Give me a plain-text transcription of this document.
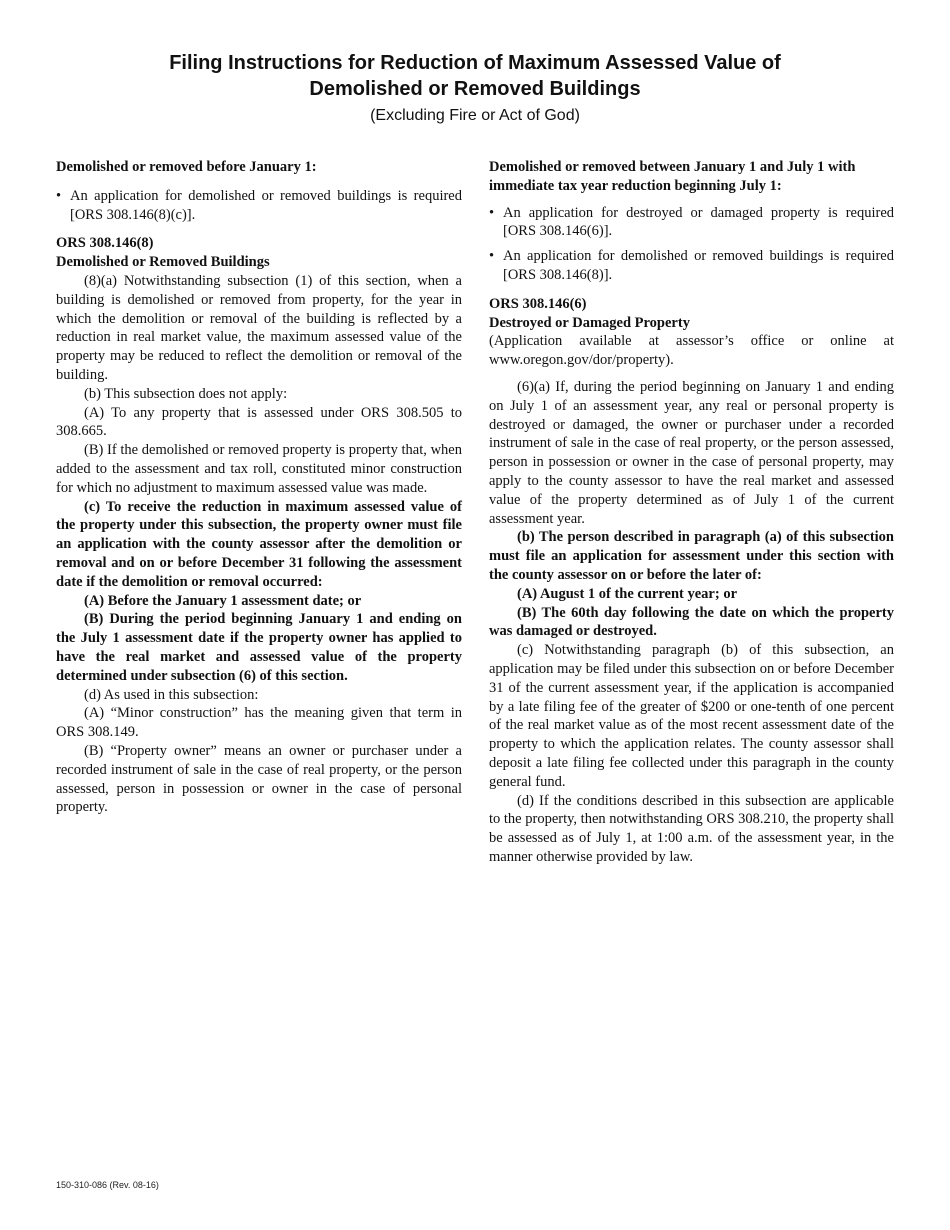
Filing Instructions for Reduction of Maximum Assessed Value of
Demolished or Removed Buildings

(Excluding Fire or Act of God)

Demolished or removed before January 1:

• An application for demolished or removed buildings is required [ORS 308.146(8)(c)].

ORS 308.146(8)

Demolished or Removed Buildings

(8)(a) Notwithstanding subsection (1) of this section, when a building is demolished or removed from property, for the year in which the demolition or removal of the building is reflected by a reduction in real market value, the maximum assessed value of the property may be reduced to reflect the demolition or removal of the building.

(b) This subsection does not apply:

(A) To any property that is assessed under ORS 308.505 to 308.665.

(B) If the demolished or removed property is property that, when added to the assessment and tax roll, constituted minor construction for which no adjustment to maximum assessed value was made.

(c) To receive the reduction in maximum assessed value of the property under this subsection, the property owner must file an application with the county assessor after the demolition or removal and on or before December 31 following the assessment date if the demolition or removal occurred:

(A) Before the January 1 assessment date; or

(B) During the period beginning January 1 and ending on the July 1 assessment date if the property owner has applied to have the real market and assessed value of the property determined under subsection (6) of this section.

(d) As used in this subsection:

(A) “Minor construction” has the meaning given that term in ORS 308.149.

(B) “Property owner” means an owner or purchaser under a recorded instrument of sale in the case of real property, or the person assessed, person in possession or owner in the case of personal property.

Demolished or removed between January 1 and July 1 with immediate tax year reduction beginning July 1:

• An application for destroyed or damaged property is required [ORS 308.146(6)].
• An application for demolished or removed buildings is required [ORS 308.146(8)].

ORS 308.146(6)

Destroyed or Damaged Property

(Application available at assessor’s office or online at www.oregon.gov/dor/property).

(6)(a) If, during the period beginning on January 1 and ending on July 1 of an assessment year, any real or personal property is destroyed or damaged, the owner or purchaser under a recorded instrument of sale in the case of real property, or the person assessed, person in possession or owner in the case of personal property, may apply to the county assessor to have the real market and assessed value of the property determined as of July 1 of the current assessment year.

(b) The person described in paragraph (a) of this subsection must file an application for assessment under this section with the county assessor on or before the later of:

(A) August 1 of the current year; or

(B) The 60th day following the date on which the property was damaged or destroyed.

(c) Notwithstanding paragraph (b) of this subsection, an application may be filed under this subsection on or before December 31 of the current assessment year, if the application is accompanied by a late filing fee of the greater of $200 or one-tenth of one percent of the real market value as of the most recent assessment date of the property to which the application relates. The county assessor shall deposit a late filing fee collected under this paragraph in the county general fund.

(d) If the conditions described in this subsection are applicable to the property, then notwithstanding ORS 308.210, the property shall be assessed as of July 1, at 1:00 a.m. of the assessment year, in the manner otherwise provided by law.

150-310-086 (Rev. 08-16)
